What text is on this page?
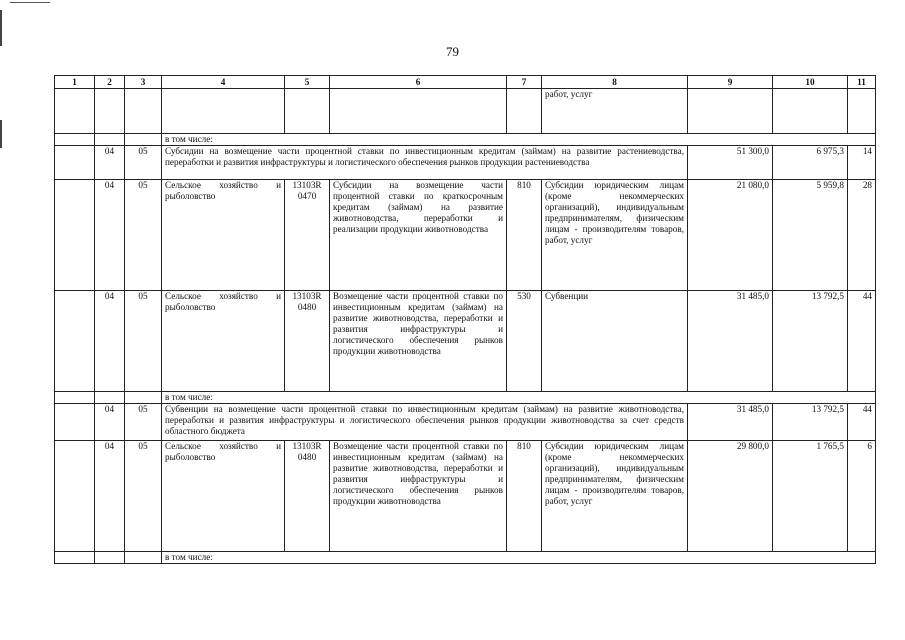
79
1	2	3	4	5	6	7	8	9	10	11
							работ, услуг			
			в том числе:							
	04	05	Субсидии на возмещение части процентной ставки по инвестиционным кредитам (займам) на развитие растениеводства, переработки и развития инфраструктуры и логистического обеспечения рынков продукции растениеводства					51 300,0	6 975,3	14
	04	05	Сельское хозяйство и рыболовство	13103R 0470	Субсидии на возмещение части процентной ставки по краткосрочным кредитам (займам) на развитие животноводства, переработки и реализации продукции животноводства	810	Субсидии юридическим лицам (кроме некоммерческих организаций), индивидуальным предпринимателям, физическим лицам - производителям товаров, работ, услуг	21 080,0	5 959,8	28
	04	05	Сельское хозяйство и рыболовство	13103R 0480	Возмещение части процентной ставки по инвестиционным кредитам (займам) на развитие животноводства, переработки и развития инфраструктуры и логистического обеспечения рынков продукции животноводства	530	Субвенции	31 485,0	13 792,5	44
			в том числе:							
	04	05	Субвенции на возмещение части процентной ставки по инвестиционным кредитам (займам) на развитие животноводства, переработки и развития инфраструктуры и логистического обеспечения рынков продукции животноводства за счет средств областного бюджета					31 485,0	13 792,5	44
	04	05	Сельское хозяйство и рыболовство	13103R 0480	Возмещение части процентной ставки по инвестиционным кредитам (займам) на развитие животноводства, переработки и развития инфраструктуры и логистического обеспечения рынков продукции животноводства	810	Субсидии юридическим лицам (кроме некоммерческих организаций), индивидуальным предпринимателям, физическим лицам - производителям товаров, работ, услуг	29 800,0	1 765,5	6
			в том числе:							
